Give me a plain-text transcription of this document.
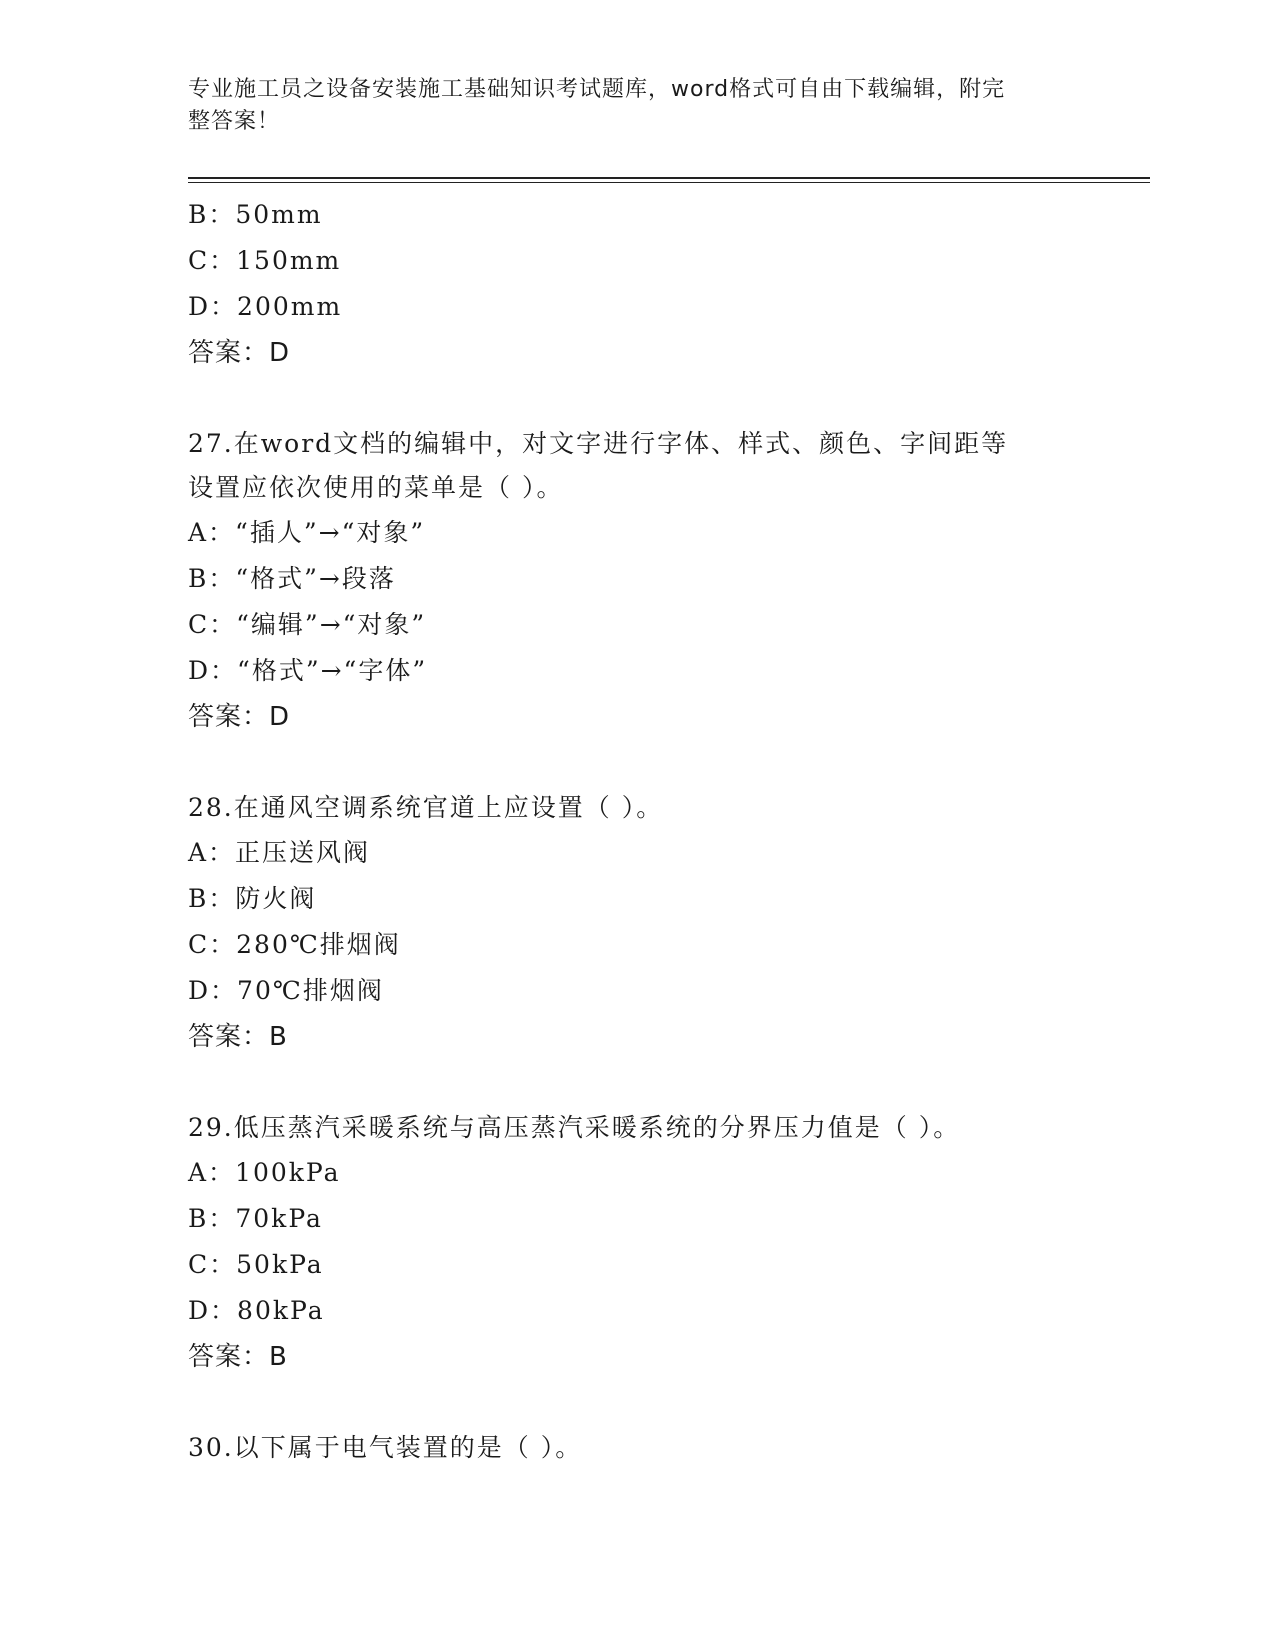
专业施工员之设备安装施工基础知识考试题库，word格式可自由下载编辑，附完
整答案！
B：50mm
C：150mm
D：200mm
答案：D
27.在word文档的编辑中，对文字进行字体、样式、颜色、字间距等
设置应依次使用的菜单是（ ）。
A：“插人”→“对象”
B：“格式”→段落
C：“编辑”→“对象”
D：“格式”→“字体”
答案：D
28.在通风空调系统官道上应设置（ ）。
A：正压送风阀
B：防火阀
C：280℃排烟阀
D：70℃排烟阀
答案：B
29.低压蒸汽采暖系统与高压蒸汽采暖系统的分界压力值是（ ）。
A：100kPa
B：70kPa
C：50kPa
D：80kPa
答案：B
30.以下属于电气装置的是（ ）。
